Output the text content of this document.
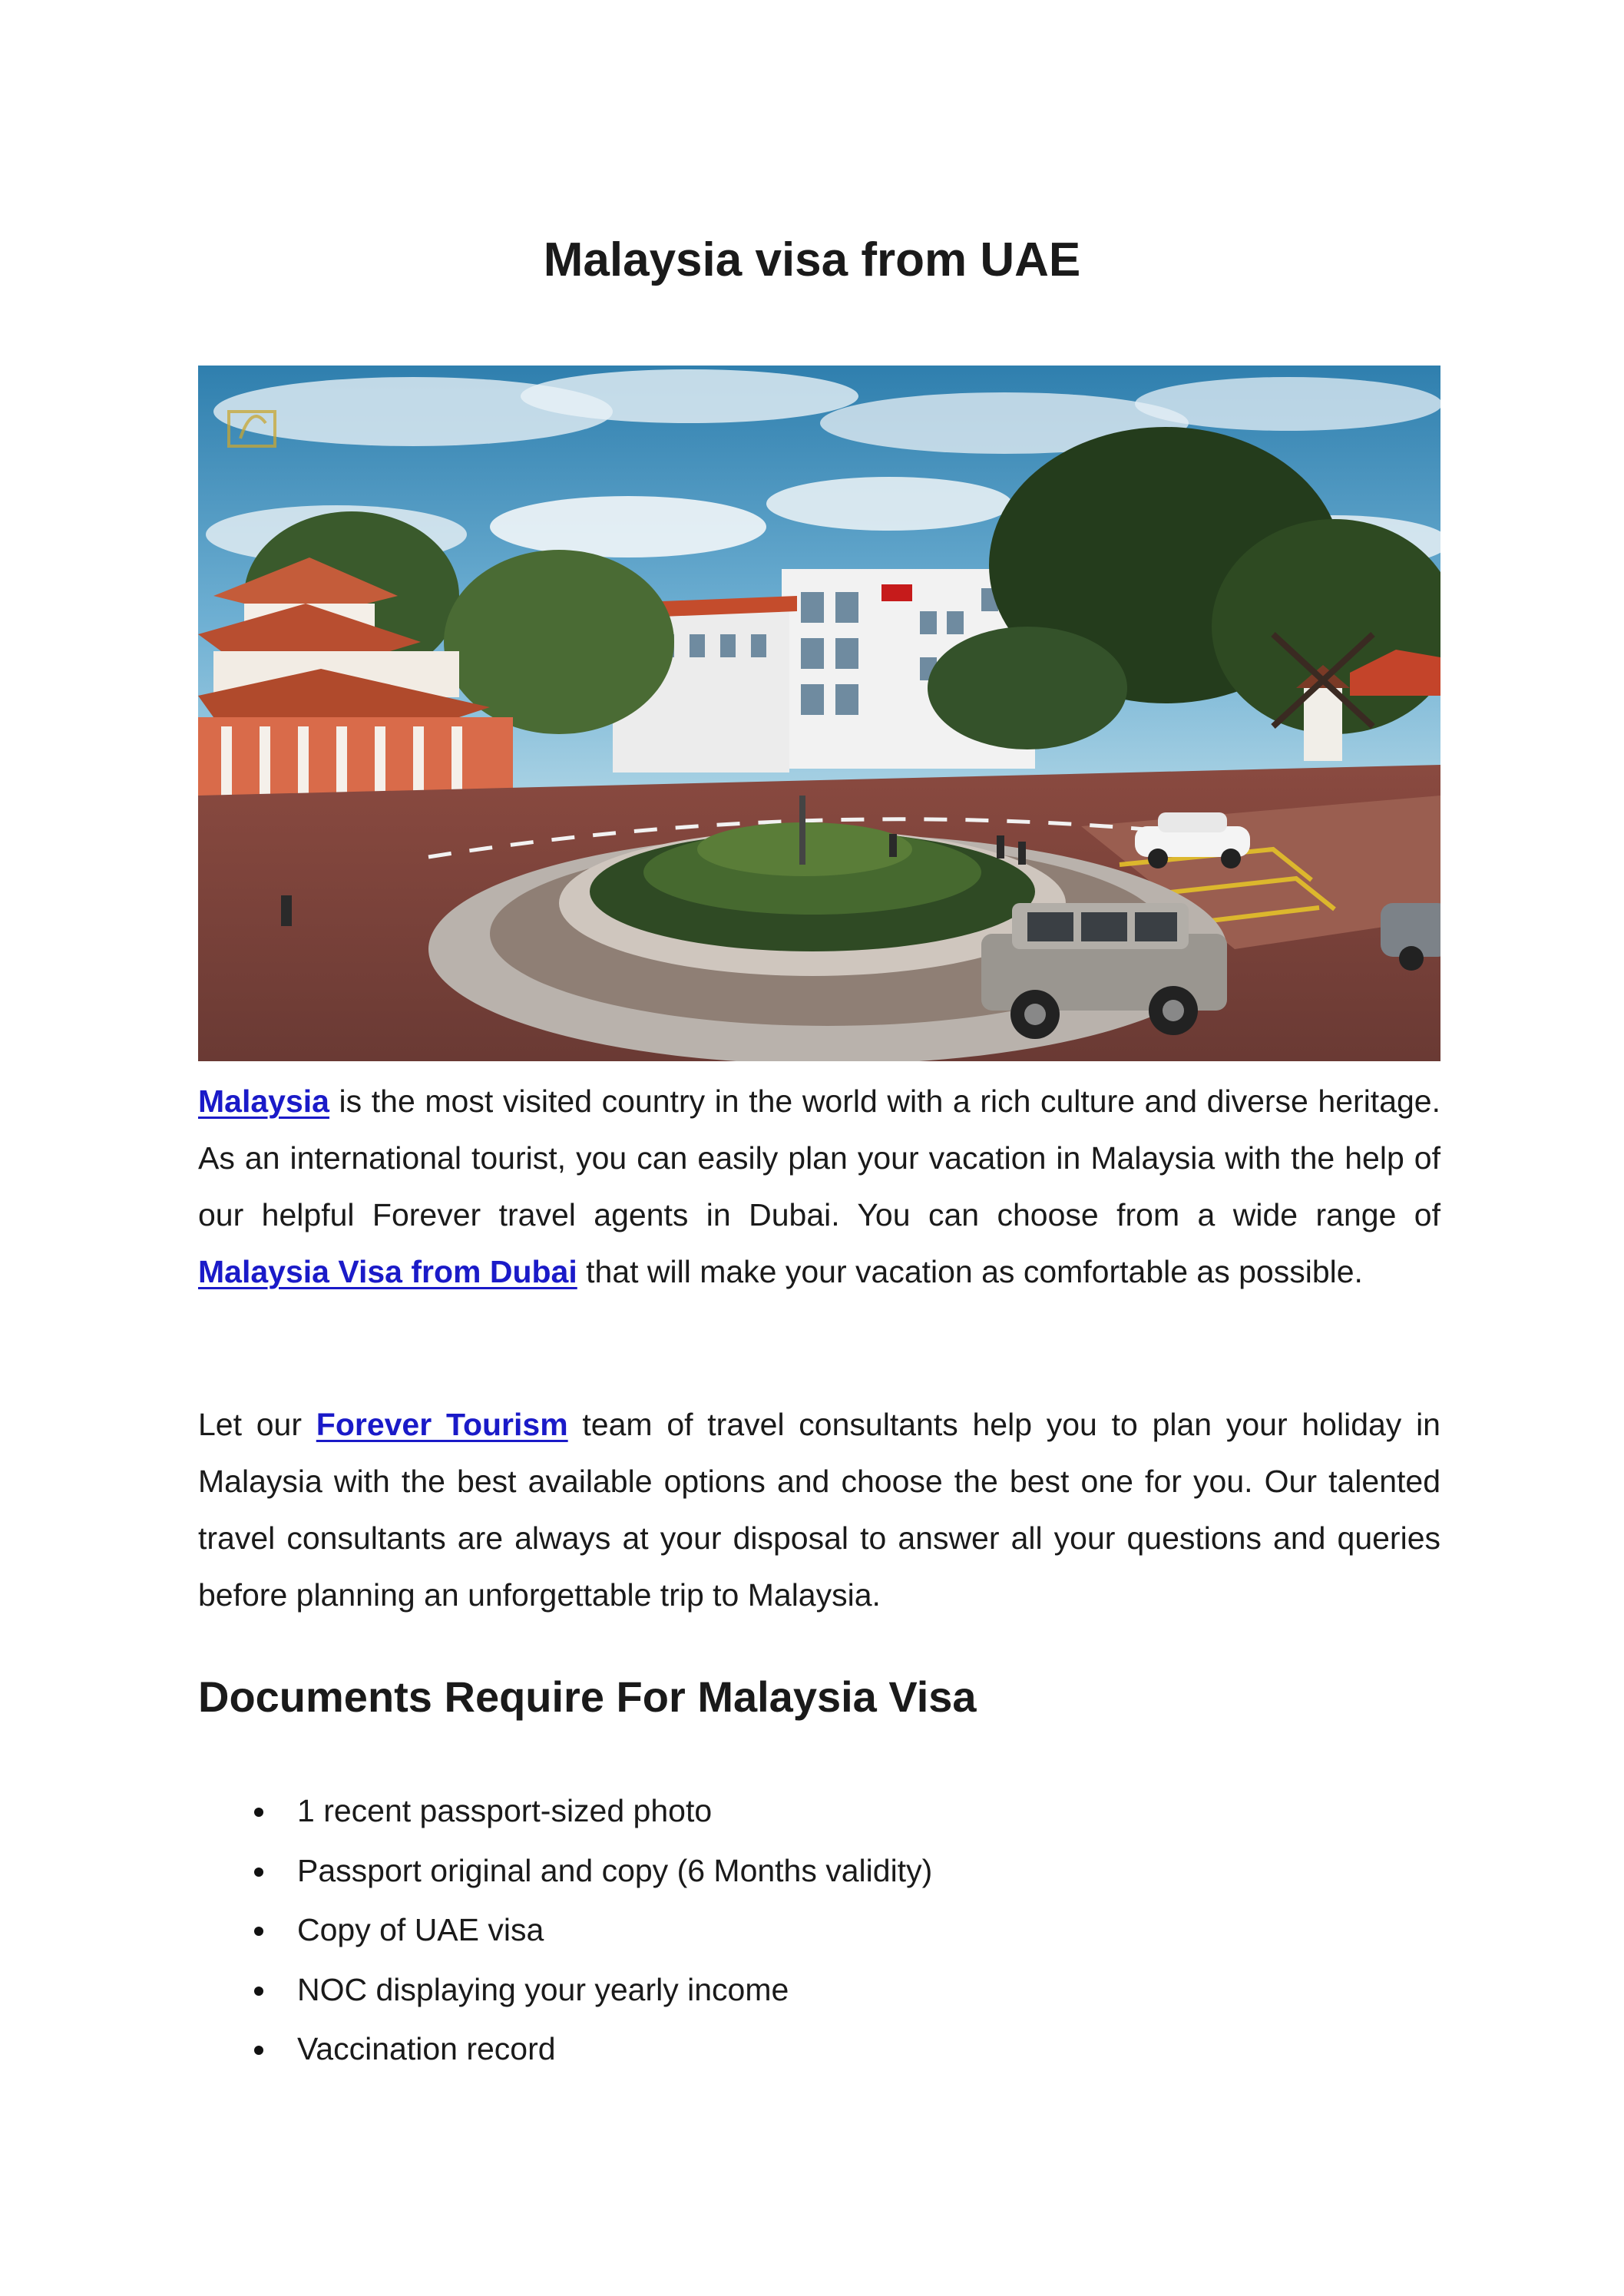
Malaysia visa from UAE

Malaysia is the most visited country in the world with a rich culture and diverse heritage. As an international tourist, you can easily plan your vacation in Malaysia with the help of our helpful Forever travel agents in Dubai. You can choose from a wide range of Malaysia Visa from Dubai that will make your vacation as comfortable as possible.

Let our Forever Tourism team of travel consultants help you to plan your holiday in Malaysia with the best available options and choose the best one for you. Our talented travel consultants are always at your disposal to answer all your questions and queries before planning an unforgettable trip to Malaysia.

Documents Require For Malaysia Visa
1 recent passport-sized photo
Passport original and copy (6 Months validity)
Copy of UAE visa
NOC displaying your yearly income
Vaccination record
